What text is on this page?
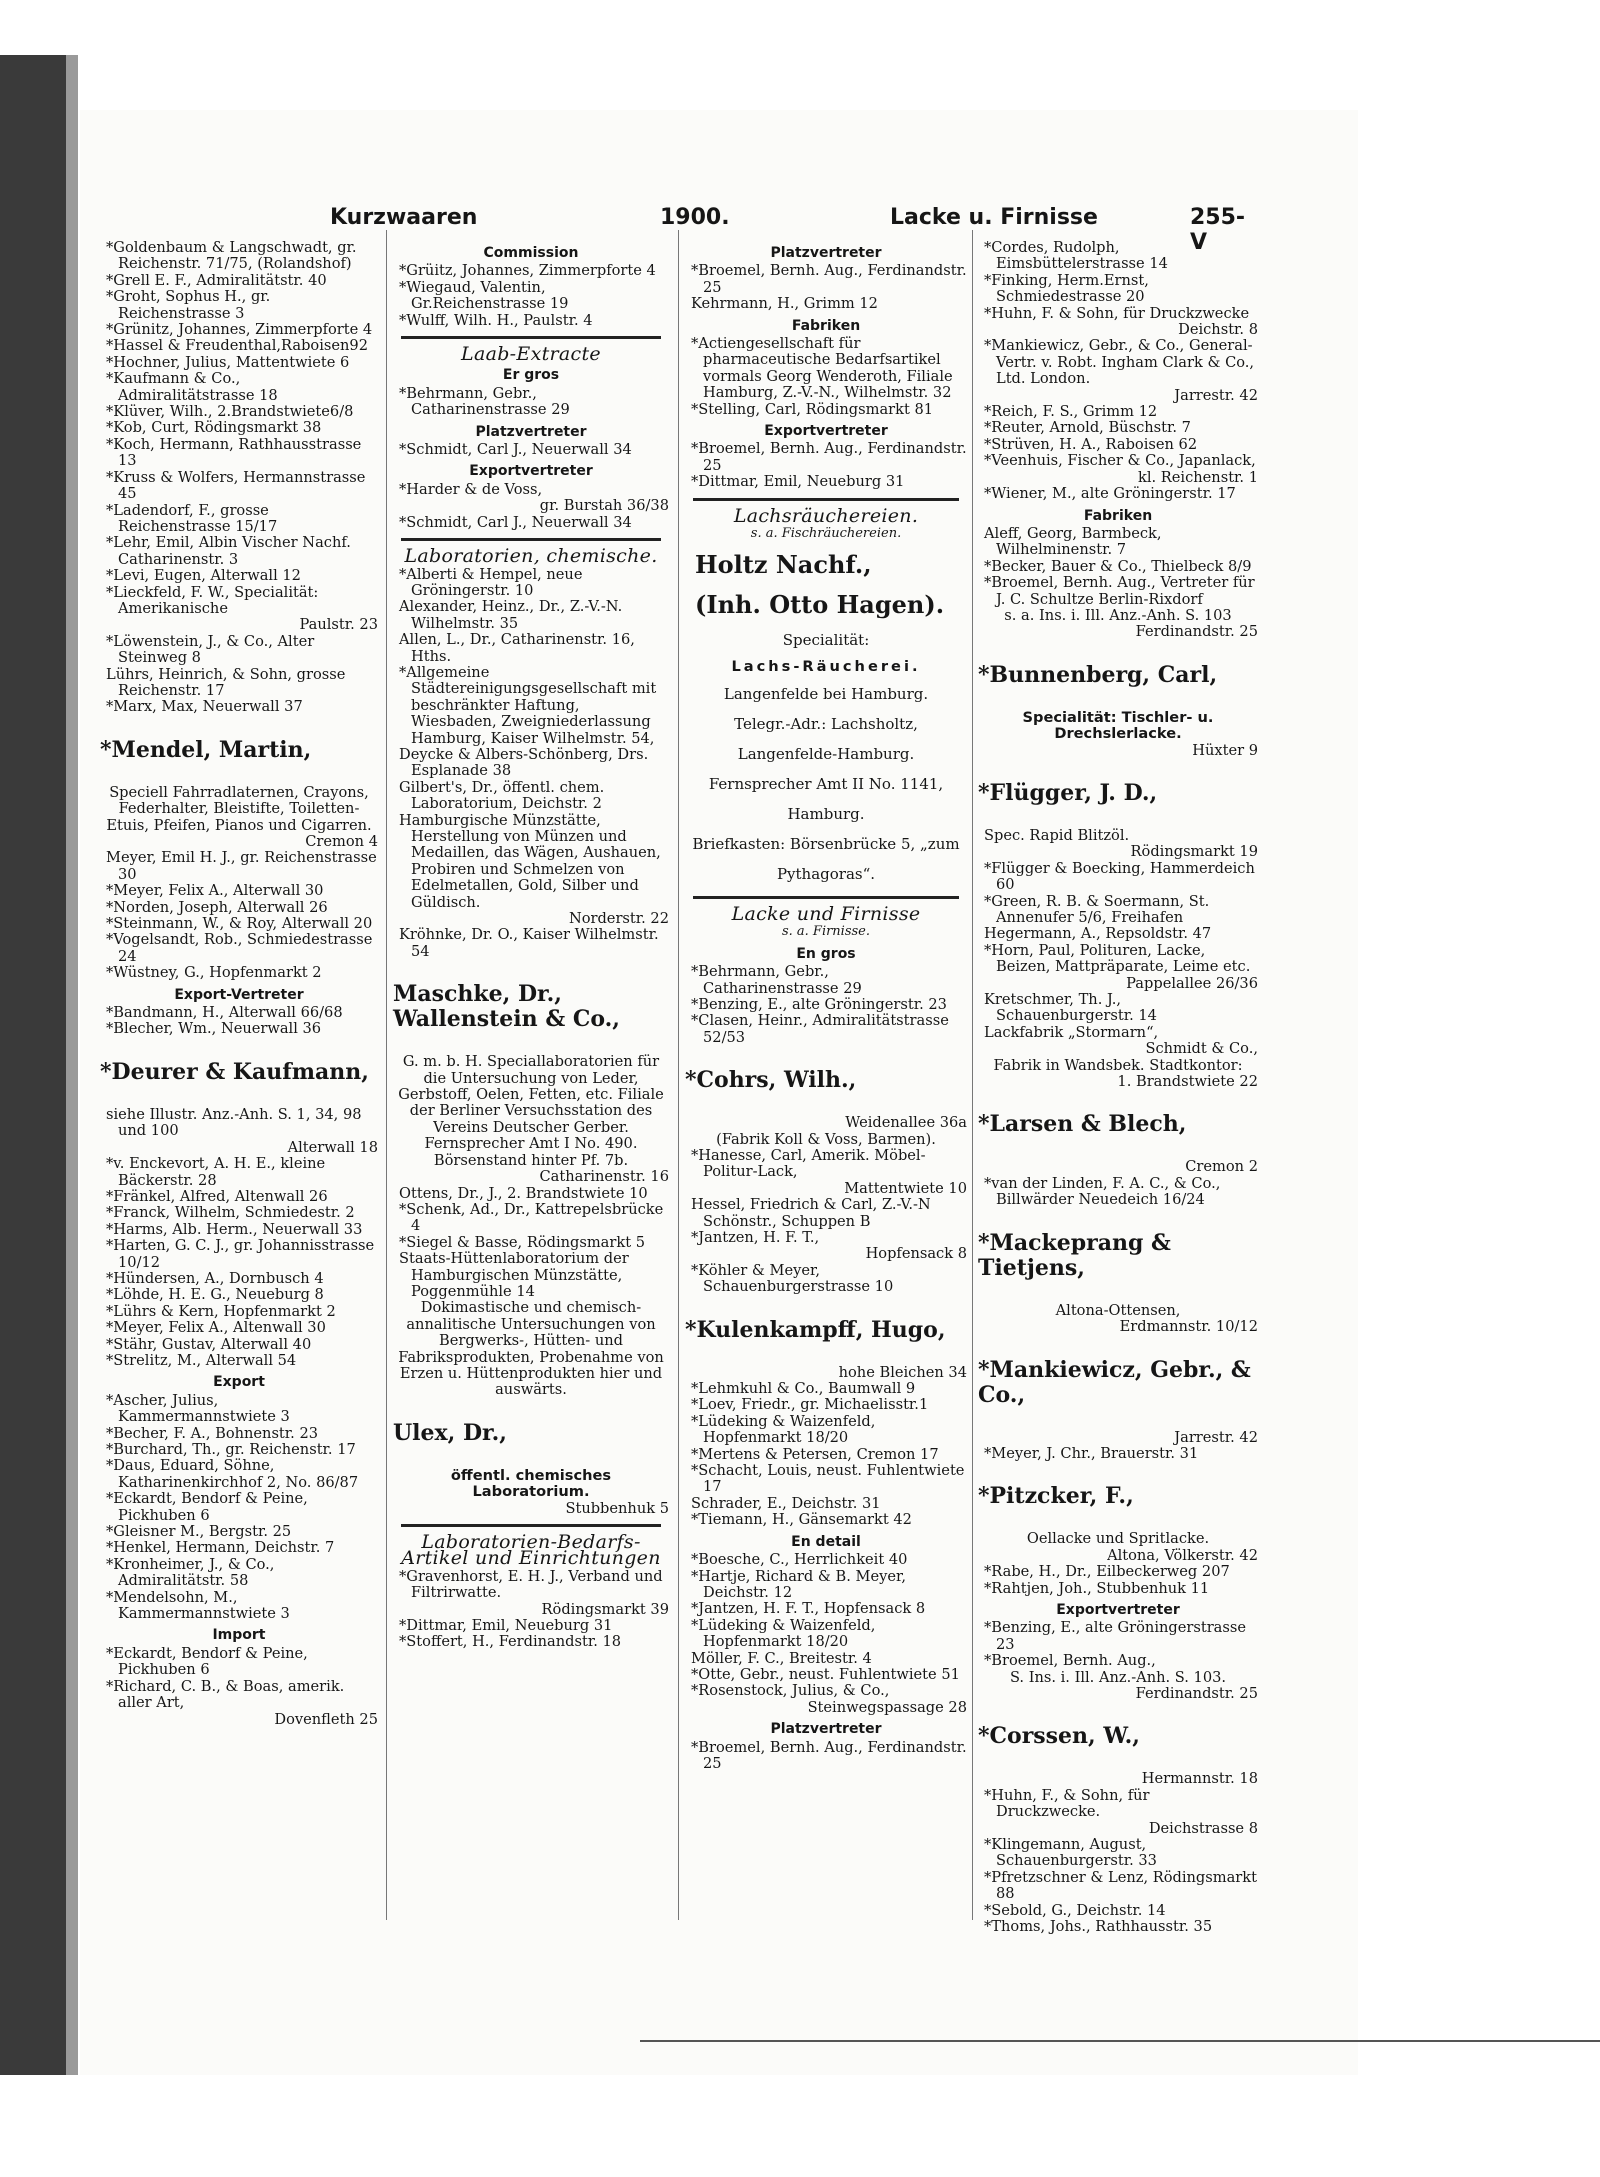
Kurzwaaren	1900.	Lacke u. Firnisse	255-V

*Goldenbaum & Langschwadt, gr. Reichenstr. 71/75, (Rolandshof)

*Grell E. F., Admiralitätstr. 40

*Groht, Sophus H., gr. Reichenstrasse 3

*Grünitz, Johannes, Zimmerpforte 4

*Hassel & Freudenthal,Raboisen92

*Hochner, Julius, Mattentwiete 6

*Kaufmann & Co., Admiralitätstrasse 18

*Klüver, Wilh., 2.Brandstwiete6/8

*Kob, Curt, Rödingsmarkt 38

*Koch, Hermann, Rathhausstrasse 13

*Kruss & Wolfers, Hermannstrasse 45

*Ladendorf, F., grosse Reichenstrasse 15/17

*Lehr, Emil, Albin Vischer Nachf. Catharinenstr. 3

*Levi, Eugen, Alterwall 12

*Lieckfeld, F. W., Specialität: Amerikanische

Paulstr. 23

*Löwenstein, J., & Co., Alter Steinweg 8

Lührs, Heinrich, & Sohn, grosse Reichenstr. 17

*Marx, Max, Neuerwall 37

*Mendel, Martin,

Speciell Fahrradlaternen, Crayons, Federhalter, Bleistifte, Toiletten-Etuis, Pfeifen, Pianos und Cigarren.

Cremon 4

Meyer, Emil H. J., gr. Reichenstrasse 30

*Meyer, Felix A., Alterwall 30

*Norden, Joseph, Alterwall 26

*Steinmann, W., & Roy, Alterwall 20

*Vogelsandt, Rob., Schmiedestrasse 24

*Wüstney, G., Hopfenmarkt 2

Export-Vertreter

*Bandmann, H., Alterwall 66/68

*Blecher, Wm., Neuerwall 36

*Deurer & Kaufmann,

siehe Illustr. Anz.-Anh. S. 1, 34, 98 und 100

Alterwall 18

*v. Enckevort, A. H. E., kleine Bäckerstr. 28

*Fränkel, Alfred, Altenwall 26

*Franck, Wilhelm, Schmiedestr. 2

*Harms, Alb. Herm., Neuerwall 33

*Harten, G. C. J., gr. Johannisstrasse 10/12

*Hündersen, A., Dornbusch 4

*Löhde, H. E. G., Neueburg 8

*Lührs & Kern, Hopfenmarkt 2

*Meyer, Felix A., Altenwall 30

*Stähr, Gustav, Alterwall 40

*Strelitz, M., Alterwall 54

Export

*Ascher, Julius, Kammermannstwiete 3

*Becher, F. A., Bohnenstr. 23

*Burchard, Th., gr. Reichenstr. 17

*Daus, Eduard, Söhne, Katharinenkirchhof 2, No. 86/87

*Eckardt, Bendorf & Peine, Pickhuben 6

*Gleisner M., Bergstr. 25

*Henkel, Hermann, Deichstr. 7

*Kronheimer, J., & Co., Admiralitätstr. 58

*Mendelsohn, M., Kammermannstwiete 3

Import

*Eckardt, Bendorf & Peine, Pickhuben 6

*Richard, C. B., & Boas, amerik. aller Art,

Dovenfleth 25

Commission

*Grüitz, Johannes, Zimmerpforte 4

*Wiegaud, Valentin, Gr.Reichenstrasse 19

*Wulff, Wilh. H., Paulstr. 4

Laab-Extracte
Er gros

*Behrmann, Gebr., Catharinenstrasse 29

Platzvertreter

*Schmidt, Carl J., Neuerwall 34

Exportvertreter

*Harder & de Voss,

gr. Burstah 36/38

*Schmidt, Carl J., Neuerwall 34

Laboratorien, chemische.

*Alberti & Hempel, neue Gröningerstr. 10

Alexander, Heinz., Dr., Z.-V.-N. Wilhelmstr. 35

Allen, L., Dr., Catharinenstr. 16, Hths.

*Allgemeine Städtereinigungsgesellschaft mit beschränkter Haftung, Wiesbaden, Zweigniederlassung Hamburg, Kaiser Wilhelmstr. 54,

Deycke & Albers-Schönberg, Drs. Esplanade 38

Gilbert's, Dr., öffentl. chem. Laboratorium, Deichstr. 2

Hamburgische Münzstätte, Herstellung von Münzen und Medaillen, das Wägen, Aushauen, Probiren und Schmelzen von Edelmetallen, Gold, Silber und Güldisch.

Norderstr. 22

Kröhnke, Dr. O., Kaiser Wilhelmstr. 54

Maschke, Dr., Wallenstein & Co.,

G. m. b. H. Speciallaboratorien für die Untersuchung von Leder, Gerbstoff, Oelen, Fetten, etc. Filiale der Berliner Versuchsstation des Vereins Deutscher Gerber. Fernsprecher Amt I No. 490. Börsenstand hinter Pf. 7b.

Catharinenstr. 16

Ottens, Dr., J., 2. Brandstwiete 10

*Schenk, Ad., Dr., Kattrepelsbrücke 4

*Siegel & Basse, Rödingsmarkt 5

Staats-Hüttenlaboratorium der Hamburgischen Münzstätte, Poggenmühle 14

Dokimastische und chemisch-annalitische Untersuchungen von Bergwerks-, Hütten- und Fabriksprodukten, Probenahme von Erzen u. Hüttenprodukten hier und auswärts.

Ulex, Dr.,

öffentl. chemisches Laboratorium.

Stubbenhuk 5

Laboratorien-Bedarfs-Artikel und Einrichtungen

*Gravenhorst, E. H. J., Verband und Filtrirwatte.

Rödingsmarkt 39

*Dittmar, Emil, Neueburg 31

*Stoffert, H., Ferdinandstr. 18

Platzvertreter

*Broemel, Bernh. Aug., Ferdinandstr. 25

Kehrmann, H., Grimm 12

Fabriken

*Actiengesellschaft für pharmaceutische Bedarfsartikel vormals Georg Wenderoth, Filiale Hamburg, Z.-V.-N., Wilhelmstr. 32

*Stelling, Carl, Rödingsmarkt 81

Exportvertreter

*Broemel, Bernh. Aug., Ferdinandstr. 25

*Dittmar, Emil, Neueburg 31

Lachsräuchereien.
s. a. Fischräuchereien.

Holtz Nachf.,

(Inh. Otto Hagen).

Specialität:

Lachs-Räucherei.

Langenfelde bei Hamburg.

Telegr.-Adr.: Lachsholtz, Langenfelde-Hamburg.

Fernsprecher Amt II No. 1141, Hamburg.

Briefkasten: Börsenbrücke 5, „zum Pythagoras“.

Lacke und Firnisse
s. a. Firnisse.
En gros

*Behrmann, Gebr., Catharinenstrasse 29

*Benzing, E., alte Gröningerstr. 23

*Clasen, Heinr., Admiralitätstrasse 52/53

*Cohrs, Wilh.,

Weidenallee 36a

(Fabrik Koll & Voss, Barmen).

*Hanesse, Carl, Amerik. Möbel-Politur-Lack,

Mattentwiete 10

Hessel, Friedrich & Carl, Z.-V.-N Schönstr., Schuppen B

*Jantzen, H. F. T.,

Hopfensack 8

*Köhler & Meyer, Schauenburgerstrasse 10

*Kulenkampff, Hugo,

hohe Bleichen 34

*Lehmkuhl & Co., Baumwall 9

*Loev, Friedr., gr. Michaelisstr.1

*Lüdeking & Waizenfeld, Hopfenmarkt 18/20

*Mertens & Petersen, Cremon 17

*Schacht, Louis, neust. Fuhlentwiete 17

Schrader, E., Deichstr. 31

*Tiemann, H., Gänsemarkt 42

En detail

*Boesche, C., Herrlichkeit 40

*Hartje, Richard & B. Meyer, Deichstr. 12

*Jantzen, H. F. T., Hopfensack 8

*Lüdeking & Waizenfeld, Hopfenmarkt 18/20

Möller, F. C., Breitestr. 4

*Otte, Gebr., neust. Fuhlentwiete 51

*Rosenstock, Julius, & Co.,

Steinwegspassage 28

Platzvertreter

*Broemel, Bernh. Aug., Ferdinandstr. 25

*Cordes, Rudolph, Eimsbüttelerstrasse 14

*Finking, Herm.Ernst, Schmiedestrasse 20

*Huhn, F. & Sohn, für Druckzwecke

Deichstr. 8

*Mankiewicz, Gebr., & Co., General-Vertr. v. Robt. Ingham Clark & Co., Ltd. London.

Jarrestr. 42

*Reich, F. S., Grimm 12

*Reuter, Arnold, Büschstr. 7

*Strüven, H. A., Raboisen 62

*Veenhuis, Fischer & Co., Japanlack,

kl. Reichenstr. 1

*Wiener, M., alte Gröningerstr. 17

Fabriken

Aleff, Georg, Barmbeck, Wilhelminenstr. 7

*Becker, Bauer & Co., Thielbeck 8/9

*Broemel, Bernh. Aug., Vertreter für J. C. Schultze Berlin-Rixdorf

s. a. Ins. i. Ill. Anz.-Anh. S. 103

Ferdinandstr. 25

*Bunnenberg, Carl,

Specialität: Tischler- u. Drechslerlacke.

Hüxter 9

*Flügger, J. D.,

Spec. Rapid Blitzöl.

Rödingsmarkt 19

*Flügger & Boecking, Hammerdeich 60

*Green, R. B. & Soermann, St. Annenufer 5/6, Freihafen

Hegermann, A., Repsoldstr. 47

*Horn, Paul, Polituren, Lacke, Beizen, Mattpräparate, Leime etc.

Pappelallee 26/36

Kretschmer, Th. J., Schauenburgerstr. 14

Lackfabrik „Stormarn“,

Schmidt & Co.,

Fabrik in Wandsbek. Stadtkontor:

1. Brandstwiete 22

*Larsen & Blech,

Cremon 2

*van der Linden, F. A. C., & Co., Billwärder Neuedeich 16/24

*Mackeprang & Tietjens,

Altona-Ottensen,

Erdmannstr. 10/12

*Mankiewicz, Gebr., & Co.,

Jarrestr. 42

*Meyer, J. Chr., Brauerstr. 31

*Pitzcker, F.,

Oellacke und Spritlacke.

Altona, Völkerstr. 42

*Rabe, H., Dr., Eilbeckerweg 207

*Rahtjen, Joh., Stubbenhuk 11

Exportvertreter

*Benzing, E., alte Gröningerstrasse 23

*Broemel, Bernh. Aug.,

S. Ins. i. Ill. Anz.-Anh. S. 103.

Ferdinandstr. 25

*Corssen, W.,

Hermannstr. 18

*Huhn, F., & Sohn, für Druckzwecke.

Deichstrasse 8

*Klingemann, August, Schauenburgerstr. 33

*Pfretzschner & Lenz, Rödingsmarkt 88

*Sebold, G., Deichstr. 14

*Thoms, Johs., Rathhausstr. 35
